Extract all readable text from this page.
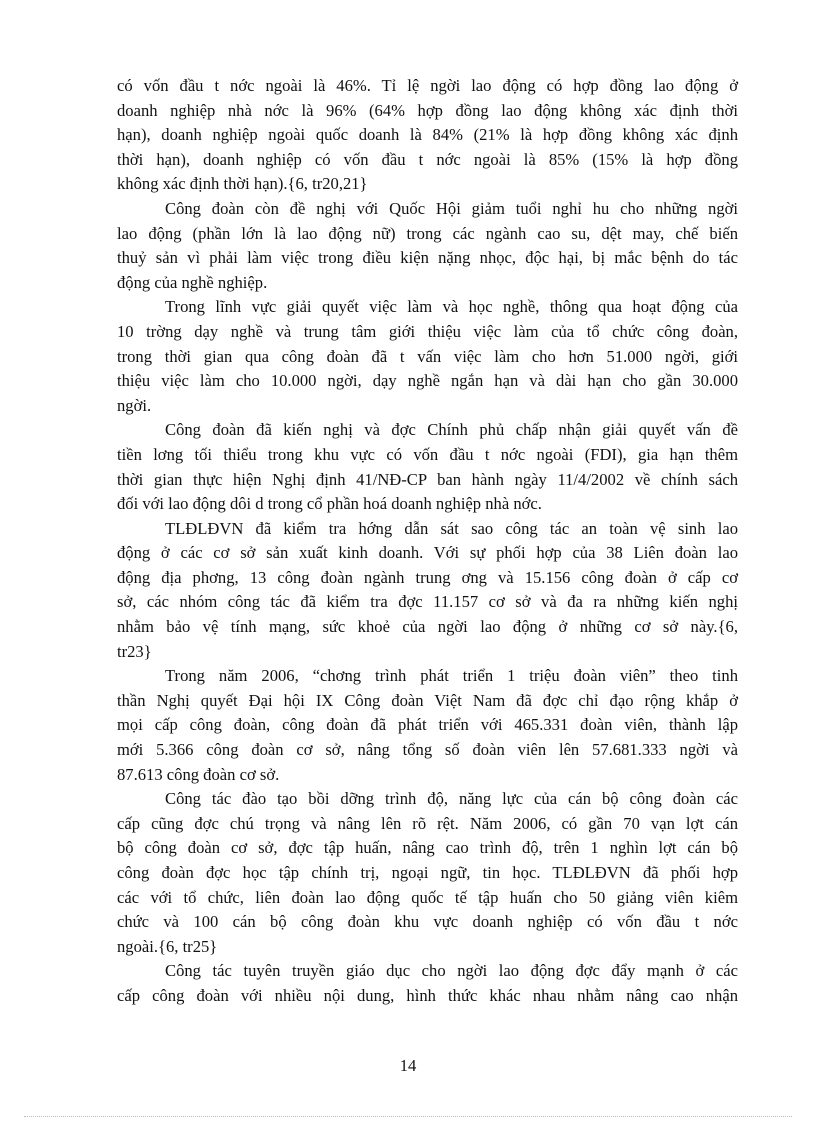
có vốn đầu t nớc ngoài là 46%. Tỉ lệ ngời lao động có hợp đồng lao động ở
doanh nghiệp nhà nớc là 96% (64% hợp đồng lao động không xác định thời
hạn), doanh nghiệp ngoài quốc doanh là 84% (21% là hợp đồng không xác định
thời hạn), doanh nghiệp có vốn đầu t nớc ngoài là 85% (15% là hợp đồng
không xác định thời hạn).{6, tr20,21}
Công đoàn còn đề nghị với Quốc Hội giảm tuổi nghỉ hu cho những ngời
lao động (phần lớn là lao động nữ) trong các ngành cao su, dệt may, chế biến
thuỷ sản vì phải làm việc trong điều kiện nặng nhọc, độc hại, bị mắc bệnh do tác
động của nghề nghiệp.
Trong lĩnh vực giải quyết việc làm và học nghề, thông qua hoạt động của
10 trờng dạy nghề và trung tâm giới thiệu việc làm của tổ chức công đoàn,
trong thời gian qua công đoàn đã t vấn việc làm cho hơn 51.000 ngời, giới
thiệu việc làm cho 10.000 ngời, dạy nghề ngắn hạn và dài hạn cho gần 30.000
ngời.
Công đoàn đã kiến nghị và đợc Chính phủ chấp nhận giải quyết vấn đề
tiền lơng tối thiểu trong khu vực có vốn đầu t nớc ngoài (FDI), gia hạn thêm
thời gian thực hiện Nghị định 41/NĐ-CP ban hành ngày 11/4/2002 về chính sách
đối với lao động dôi d trong cổ phần hoá doanh nghiệp nhà nớc.
TLĐLĐVN đã kiểm tra hớng dẫn sát sao công tác an toàn vệ sinh lao
động ở các cơ sở sản xuất kinh doanh. Với sự phối hợp của 38 Liên đoàn lao
động địa phơng, 13 công đoàn ngành trung ơng và 15.156 công đoàn ở cấp cơ
sở, các nhóm công tác đã kiểm tra đợc 11.157 cơ sở và đa ra những kiến nghị
nhằm bảo vệ tính mạng, sức khoẻ của ngời lao động ở những cơ sở này.{6,
tr23}
Trong năm 2006, “chơng trình phát triển 1 triệu đoàn viên” theo tinh
thần Nghị quyết Đại hội IX Công đoàn Việt Nam đã đợc chỉ đạo rộng khắp ở
mọi cấp công đoàn, công đoàn đã phát triển với 465.331 đoàn viên, thành lập
mới 5.366 công đoàn cơ sở, nâng tổng số đoàn viên lên 57.681.333 ngời và
87.613 công đoàn cơ sở.
Công tác đào tạo bồi dỡng trình độ, năng lực của cán bộ công đoàn các
cấp cũng đợc chú trọng và nâng lên rõ rệt. Năm 2006, có gần 70 vạn lợt cán
bộ công đoàn cơ sở, đợc tập huấn, nâng cao trình độ, trên 1 nghìn lợt cán bộ
công đoàn đợc học tập chính trị, ngoại ngữ, tin học. TLĐLĐVN đã phối hợp
các với tổ chức, liên đoàn lao động quốc tế tập huấn cho 50 giảng viên kiêm
chức và 100 cán bộ công đoàn khu vực doanh nghiệp có vốn đầu t nớc
ngoài.{6, tr25}
Công tác tuyên truyền giáo dục cho ngời lao động đợc đẩy mạnh ở các
cấp công đoàn với nhiều nội dung, hình thức khác nhau nhằm nâng cao nhận
14
